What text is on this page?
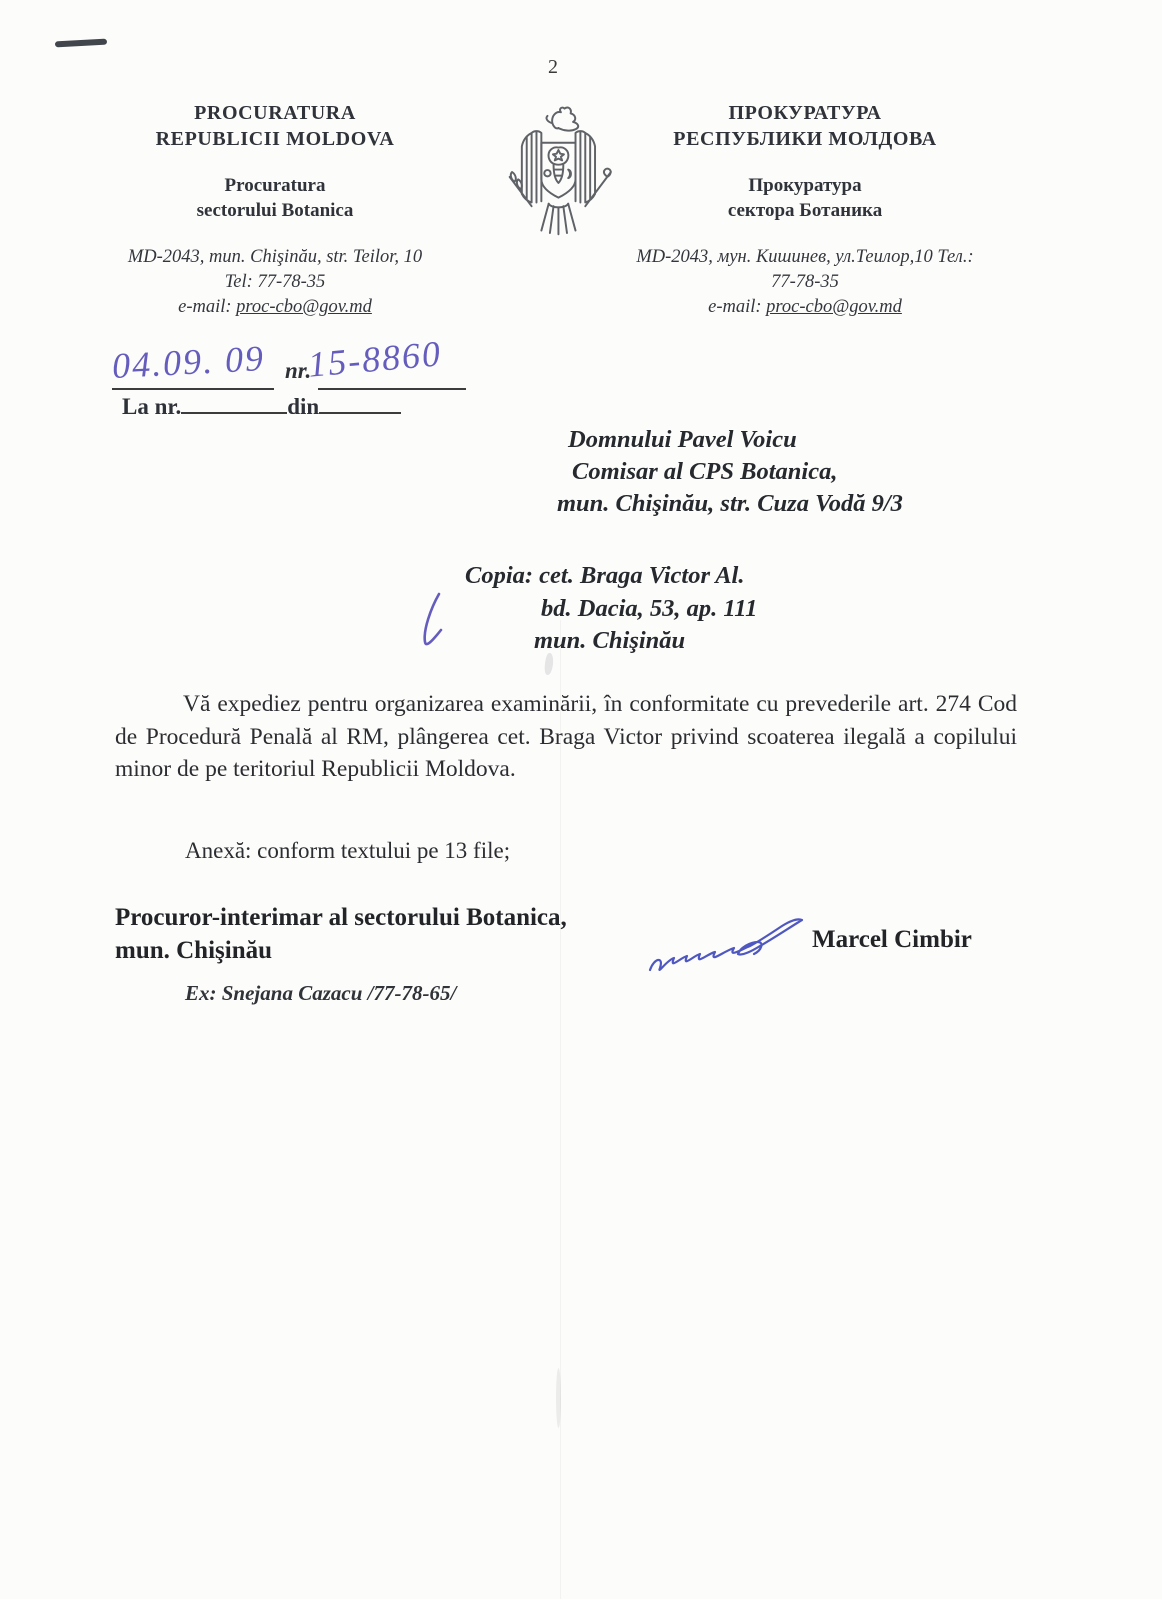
2
PROCURATURA
REPUBLICII MOLDOVA
Procuratura
sectorului Botanica
MD-2043, mun. Chişinău, str. Teilor, 10
Tel: 77-78-35
e-mail: proc-cbo@gov.md
ПРОКУРАТУРА
РЕСПУБЛИКИ МОЛДОВА
Прокуратура
сектора Ботаника
MD-2043, мун. Кишинев, ул.Теилор,10 Тел.:
77-78-35
e-mail: proc-cbo@gov.md
04.09. 09 nr.
15-8860
La nr.	din
Domnului Pavel Voicu
Comisar al CPS Botanica,
mun. Chişinău, str. Cuza Vodă 9/3
Copia: cet. Braga Victor Al.
bd. Dacia, 53, ap. 111
mun. Chişinău
Vă expediez pentru organizarea examinării, în conformitate cu prevederile art. 274 Cod de Procedură Penală al RM, plângerea cet. Braga Victor privind scoaterea ilegală a copilului minor de pe teritoriul Republicii Moldova.
Anexă: conform textului pe 13 file;
Procuror-interimar al sectorului Botanica,
mun. Chişinău	Marcel Cimbir
Ex: Snejana Cazacu /77-78-65/
